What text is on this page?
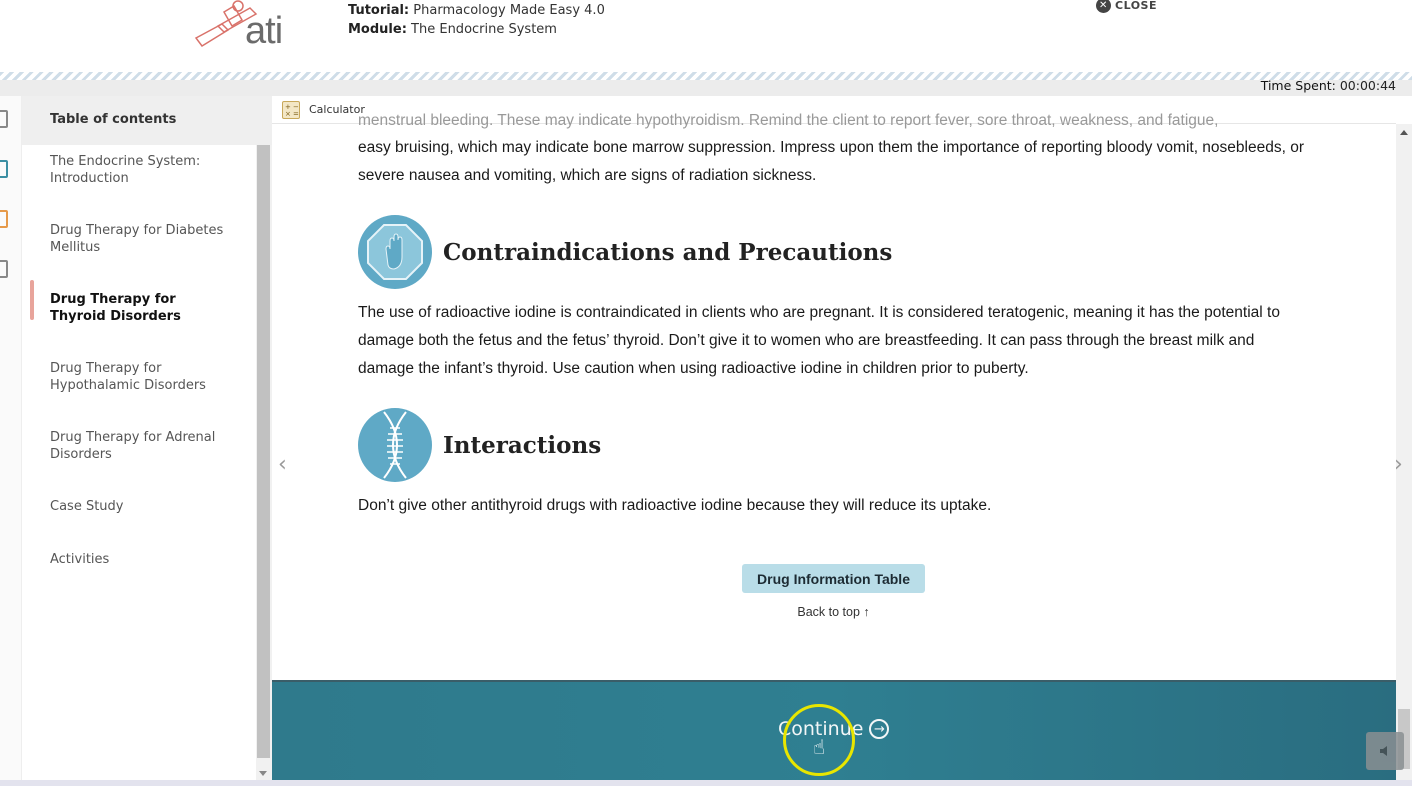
ati	Tutorial: Pharmacology Made Easy 4.0
Module: The Endocrine System
✕ CLOSE
Time Spent: 00:00:44
Table of contents
The Endocrine System: Introduction
Drug Therapy for Diabetes Mellitus
Drug Therapy for Thyroid Disorders
Drug Therapy for Hypothalamic Disorders
Drug Therapy for Adrenal Disorders
Case Study
Activities
+ −
× = Calculator
menstrual bleeding. These may indicate hypothyroidism. Remind the client to report fever, sore throat, weakness, and fatigue,
easy bruising, which may indicate bone marrow suppression. Impress upon them the importance of reporting bloody vomit, nosebleeds, or severe nausea and vomiting, which are signs of radiation sickness.
Contraindications and Precautions
The use of radioactive iodine is contraindicated in clients who are pregnant. It is considered teratogenic, meaning it has the potential to damage both the fetus and the fetus’ thyroid. Don’t give it to women who are breastfeeding. It can pass through the breast milk and damage the infant’s thyroid. Use caution when using radioactive iodine in children prior to puberty.
Interactions
Don’t give other antithyroid drugs with radioactive iodine because they will reduce its uptake.
Drug Information Table
Back to top ↑
‹	›
Continue →
☝
